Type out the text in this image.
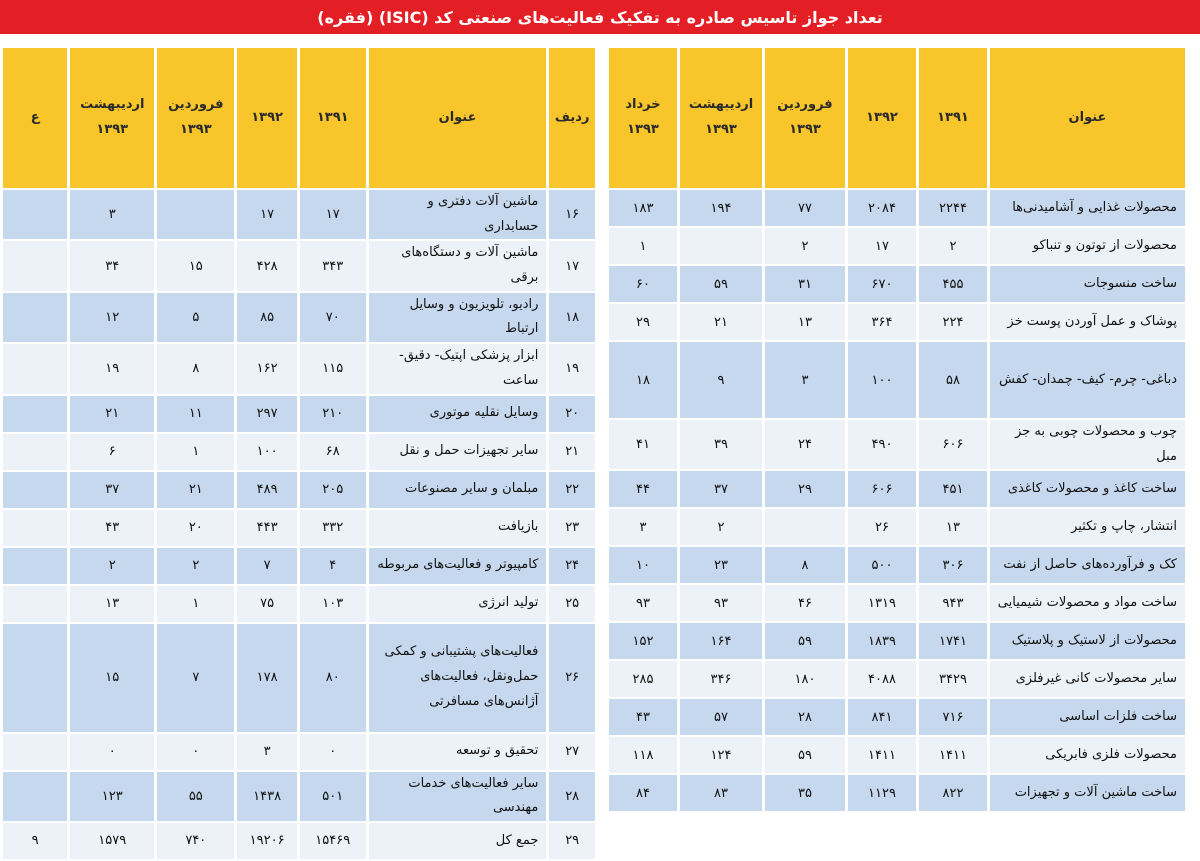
تعداد جواز تاسیس صادره به تفکیک فعالیت‌های صنعتی کد (ISIC) (فقره)
ردیف	عنوان	۱۳۹۱	۱۳۹۲	فروردین ۱۳۹۳	اردیبهشت ۱۳۹۳	ع
۱۶	ماشین آلات دفتری و حسابداری	۱۷	۱۷		۳	
۱۷	ماشین آلات و دستگاه‌های برقی	۳۴۳	۴۲۸	۱۵	۳۴	
۱۸	رادیو، تلویزیون و وسایل ارتباط	۷۰	۸۵	۵	۱۲	
۱۹	ابزار پزشکی اپتیک- دقیق- ساعت	۱۱۵	۱۶۲	۸	۱۹	
۲۰	وسایل نقلیه موتوری	۲۱۰	۲۹۷	۱۱	۲۱	
۲۱	سایر تجهیزات حمل و نقل	۶۸	۱۰۰	۱	۶	
۲۲	مبلمان و سایر مصنوعات	۲۰۵	۴۸۹	۲۱	۳۷	
۲۳	بازیافت	۳۳۲	۴۴۳	۲۰	۴۳	
۲۴	کامپیوتر و فعالیت‌های مربوطه	۴	۷	۲	۲	
۲۵	تولید انرژی	۱۰۳	۷۵	۱	۱۳	
۲۶	فعالیت‌های پشتیبانی و کمکی حمل‌و‌نقل، فعالیت‌های آژانس‌های مسافرتی	۸۰	۱۷۸	۷	۱۵	
۲۷	تحقیق و توسعه	۰	۳	۰	۰	
۲۸	سایر فعالیت‌های خدمات مهندسی	۵۰۱	۱۴۳۸	۵۵	۱۲۳	
۲۹	جمع کل	۱۵۴۶۹	۱۹۲۰۶	۷۴۰	۱۵۷۹	۹
عنوان	۱۳۹۱	۱۳۹۲	فروردین ۱۳۹۳	اردیبهشت ۱۳۹۳	خرداد ۱۳۹۳
محصولات غذایی و آشامیدنی‌ها	۲۲۴۴	۲۰۸۴	۷۷	۱۹۴	۱۸۳
محصولات از توتون و تنباکو	۲	۱۷	۲		۱
ساخت منسوجات	۴۵۵	۶۷۰	۳۱	۵۹	۶۰
پوشاک و عمل آوردن پوست خز	۲۲۴	۳۶۴	۱۳	۲۱	۲۹
دباغی- چرم- کیف- چمدان- کفش	۵۸	۱۰۰	۳	۹	۱۸
چوب و محصولات چوبی به جز مبل	۶۰۶	۴۹۰	۲۴	۳۹	۴۱
ساخت کاغذ و محصولات کاغذی	۴۵۱	۶۰۶	۲۹	۳۷	۴۴
انتشار، چاپ و تکثیر	۱۳	۲۶		۲	۳
کک و فرآورده‌های حاصل از نفت	۳۰۶	۵۰۰	۸	۲۳	۱۰
ساخت مواد و محصولات شیمیایی	۹۴۳	۱۳۱۹	۴۶	۹۳	۹۳
محصولات از لاستیک و پلاستیک	۱۷۴۱	۱۸۳۹	۵۹	۱۶۴	۱۵۲
سایر محصولات کانی غیرفلزی	۳۴۲۹	۴۰۸۸	۱۸۰	۳۴۶	۲۸۵
ساخت فلزات اساسی	۷۱۶	۸۴۱	۲۸	۵۷	۴۳
محصولات فلزی فابریکی	۱۴۱۱	۱۴۱۱	۵۹	۱۲۴	۱۱۸
ساخت ماشین آلات و تجهیزات	۸۲۲	۱۱۲۹	۳۵	۸۳	۸۴
